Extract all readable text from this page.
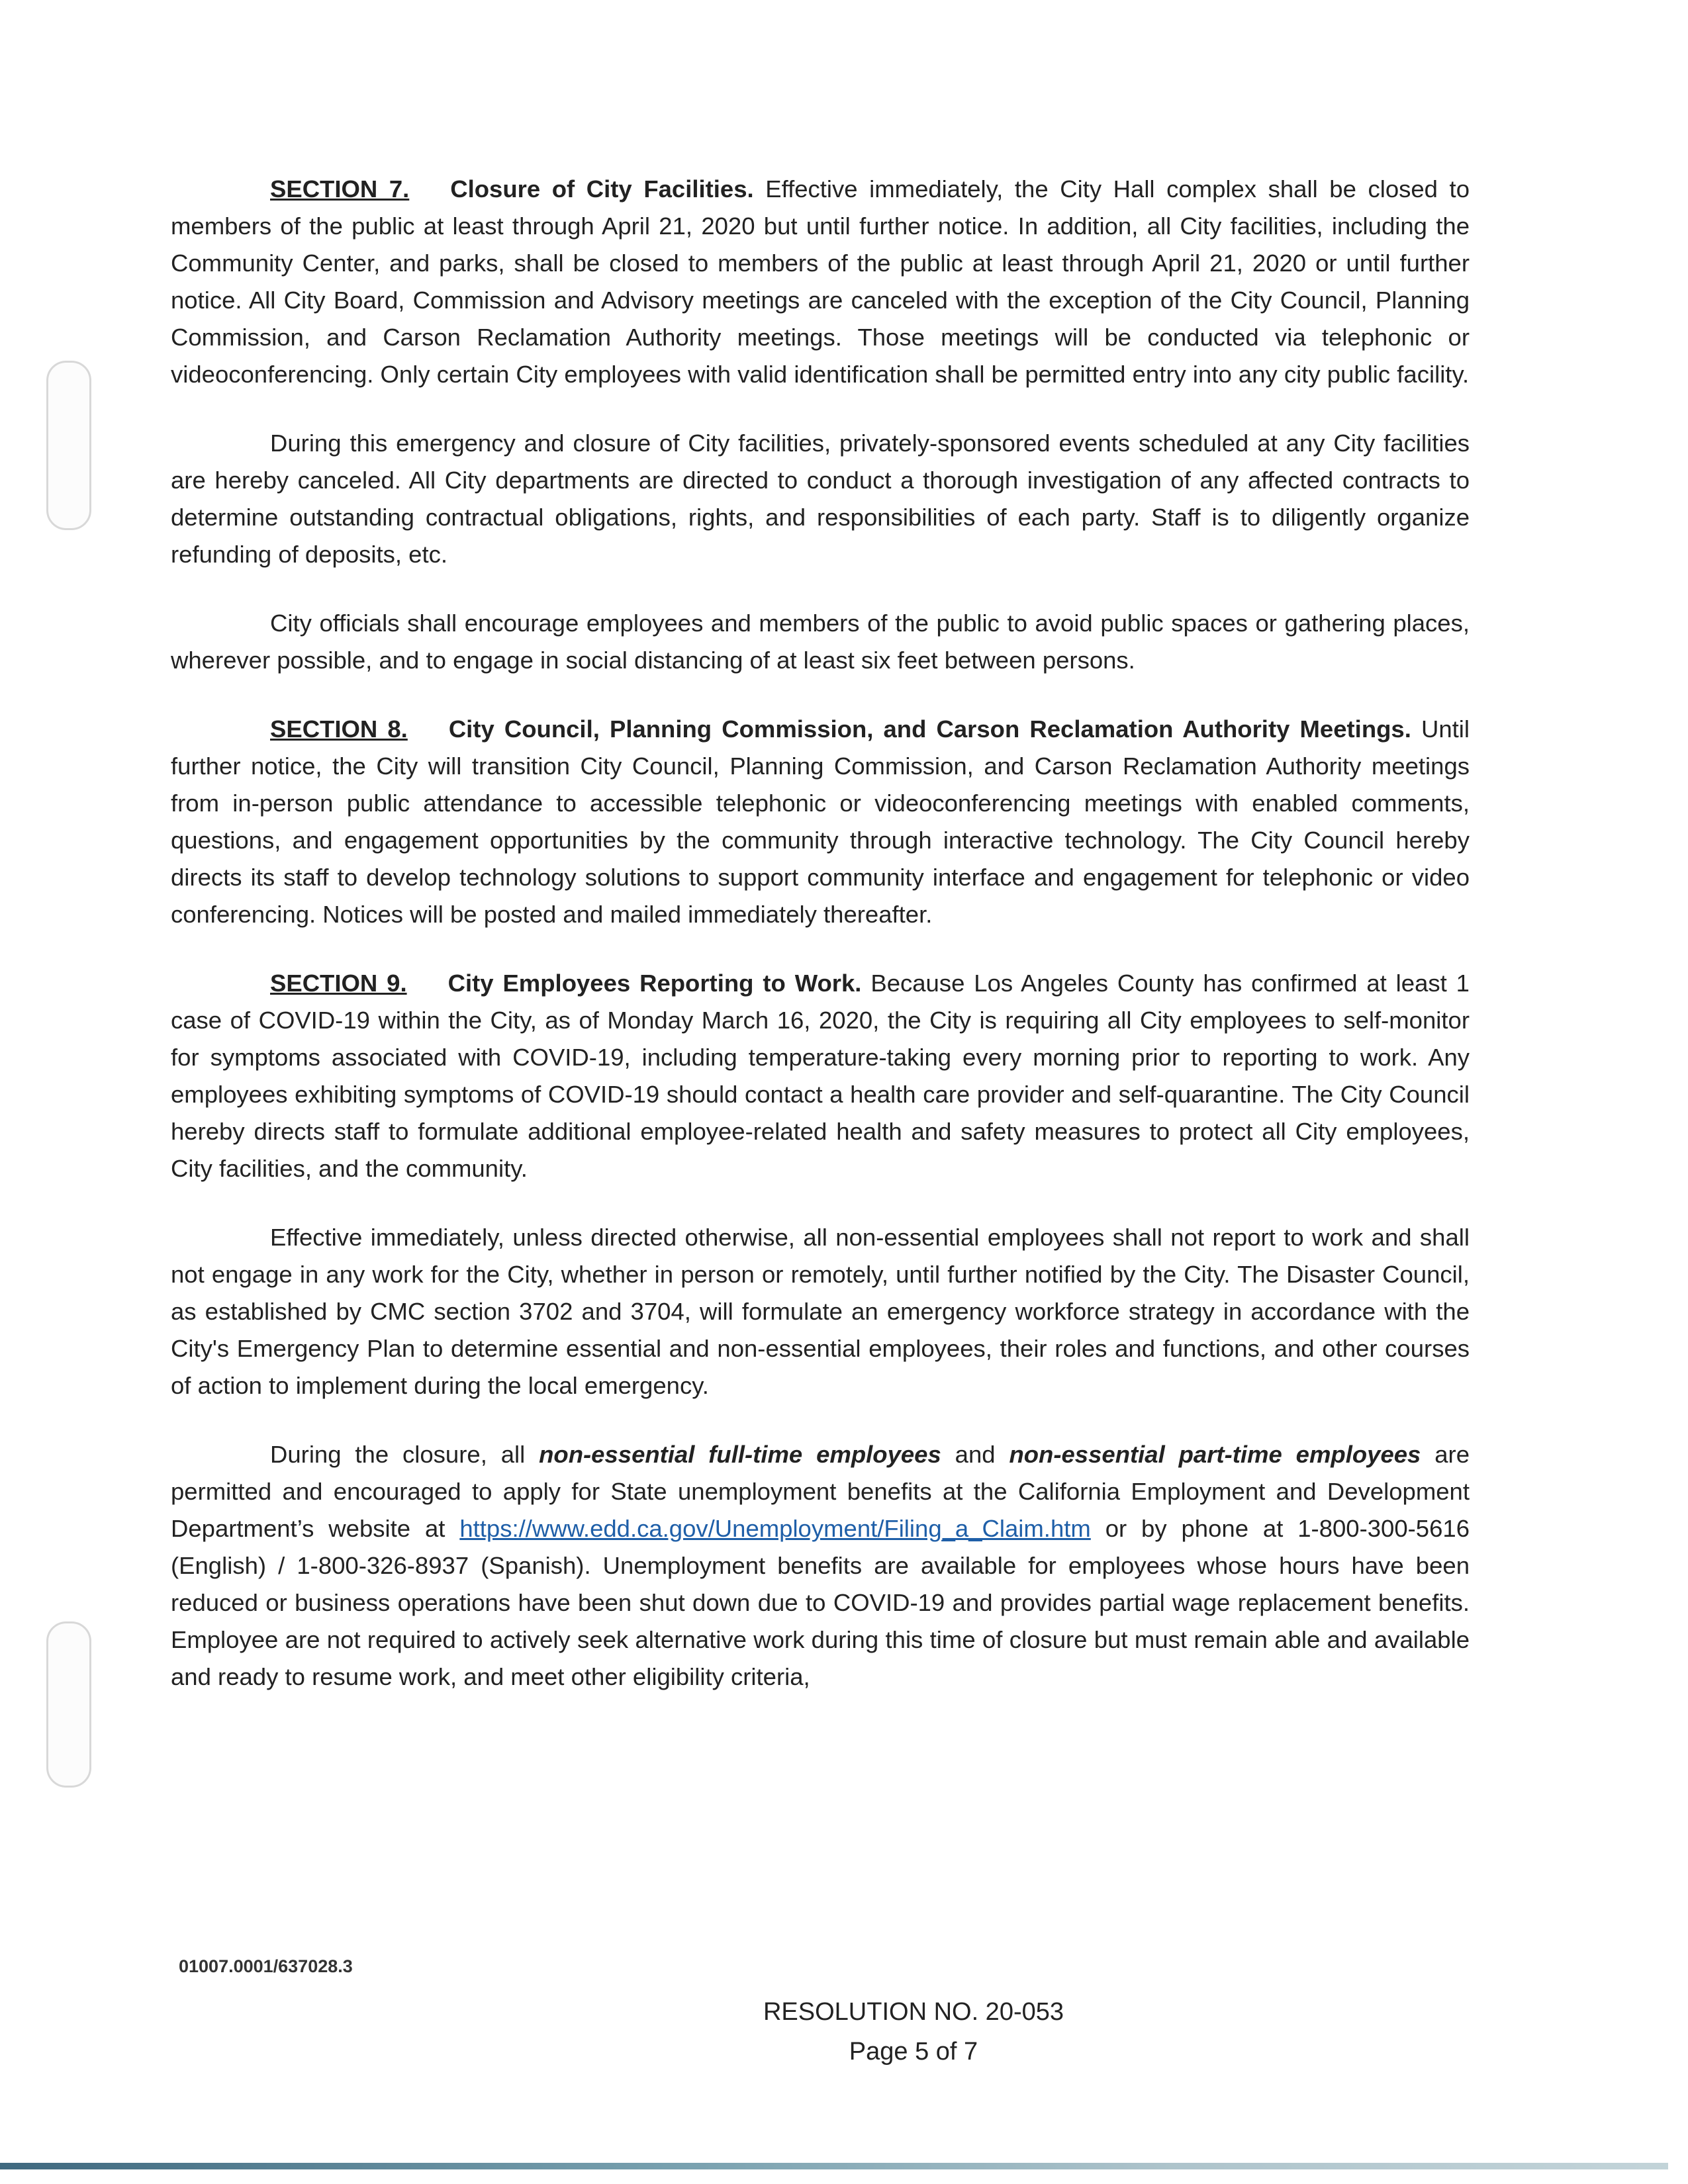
SECTION 7. Closure of City Facilities. Effective immediately, the City Hall complex shall be closed to members of the public at least through April 21, 2020 but until further notice. In addition, all City facilities, including the Community Center, and parks, shall be closed to members of the public at least through April 21, 2020 or until further notice. All City Board, Commission and Advisory meetings are canceled with the exception of the City Council, Planning Commission, and Carson Reclamation Authority meetings. Those meetings will be conducted via telephonic or videoconferencing. Only certain City employees with valid identification shall be permitted entry into any city public facility.

During this emergency and closure of City facilities, privately-sponsored events scheduled at any City facilities are hereby canceled. All City departments are directed to conduct a thorough investigation of any affected contracts to determine outstanding contractual obligations, rights, and responsibilities of each party. Staff is to diligently organize refunding of deposits, etc.

City officials shall encourage employees and members of the public to avoid public spaces or gathering places, wherever possible, and to engage in social distancing of at least six feet between persons.

SECTION 8. City Council, Planning Commission, and Carson Reclamation Authority Meetings. Until further notice, the City will transition City Council, Planning Commission, and Carson Reclamation Authority meetings from in-person public attendance to accessible telephonic or videoconferencing meetings with enabled comments, questions, and engagement opportunities by the community through interactive technology. The City Council hereby directs its staff to develop technology solutions to support community interface and engagement for telephonic or video conferencing. Notices will be posted and mailed immediately thereafter.

SECTION 9. City Employees Reporting to Work. Because Los Angeles County has confirmed at least 1 case of COVID-19 within the City, as of Monday March 16, 2020, the City is requiring all City employees to self-monitor for symptoms associated with COVID-19, including temperature-taking every morning prior to reporting to work. Any employees exhibiting symptoms of COVID-19 should contact a health care provider and self-quarantine. The City Council hereby directs staff to formulate additional employee-related health and safety measures to protect all City employees, City facilities, and the community.

Effective immediately, unless directed otherwise, all non-essential employees shall not report to work and shall not engage in any work for the City, whether in person or remotely, until further notified by the City. The Disaster Council, as established by CMC section 3702 and 3704, will formulate an emergency workforce strategy in accordance with the City's Emergency Plan to determine essential and non-essential employees, their roles and functions, and other courses of action to implement during the local emergency.

During the closure, all non-essential full-time employees and non-essential part-time employees are permitted and encouraged to apply for State unemployment benefits at the California Employment and Development Department’s website at https://www.edd.ca.gov/Unemployment/Filing_a_Claim.htm or by phone at 1-800-300-5616 (English) / 1-800-326-8937 (Spanish). Unemployment benefits are available for employees whose hours have been reduced or business operations have been shut down due to COVID-19 and provides partial wage replacement benefits. Employee are not required to actively seek alternative work during this time of closure but must remain able and available and ready to resume work, and meet other eligibility criteria,

01007.0001/637028.3
RESOLUTION NO. 20-053
Page 5 of 7
